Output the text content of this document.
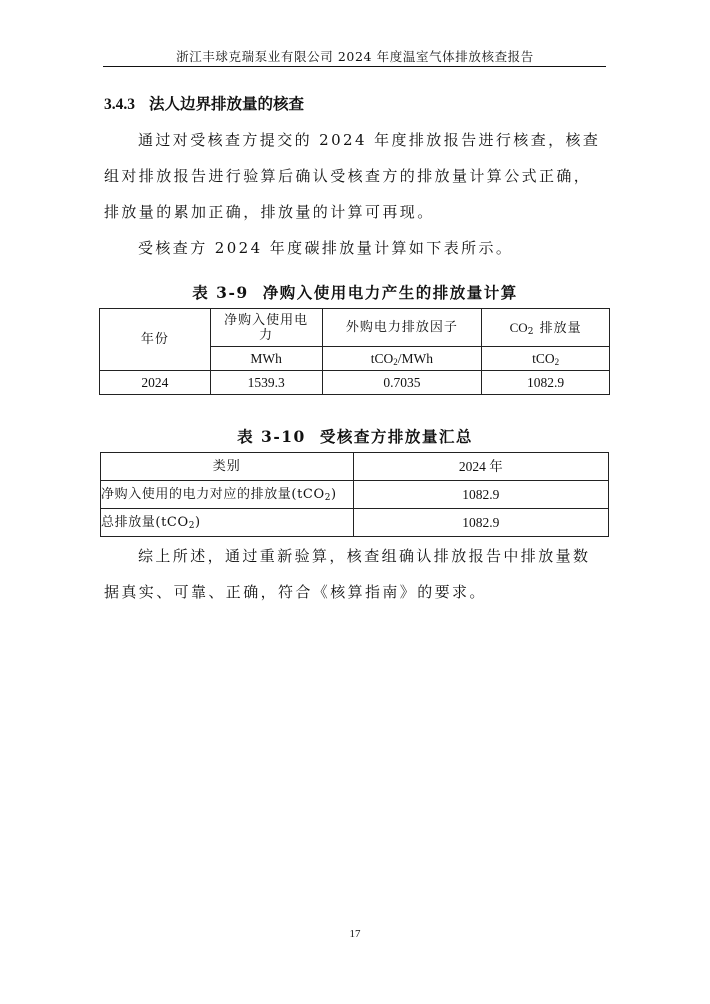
浙江丰球克瑞泵业有限公司 2024 年度温室气体排放核查报告
3.4.3 法人边界排放量的核查
通过对受核查方提交的 2024 年度排放报告进行核查，核查组对排放报告进行验算后确认受核查方的排放量计算公式正确，排放量的累加正确，排放量的计算可再现。
受核查方 2024 年度碳排放量计算如下表所示。
表 3-9 净购入使用电力产生的排放量计算
年份	净购入使用电力	外购电力排放因子	$CO_2$ 排放量
	MWh	tCO$_2$/MWh	tCO$_2$
2024	1539.3	0.7035	1082.9
表 3-10 受核查方排放量汇总
类别	2024 年
净购入使用的电力对应的排放量(tCO$_2$)	1082.9
总排放量(tCO$_2$)	1082.9
综上所述，通过重新验算，核查组确认排放报告中排放量数据真实、可靠、正确，符合《核算指南》的要求。
17
